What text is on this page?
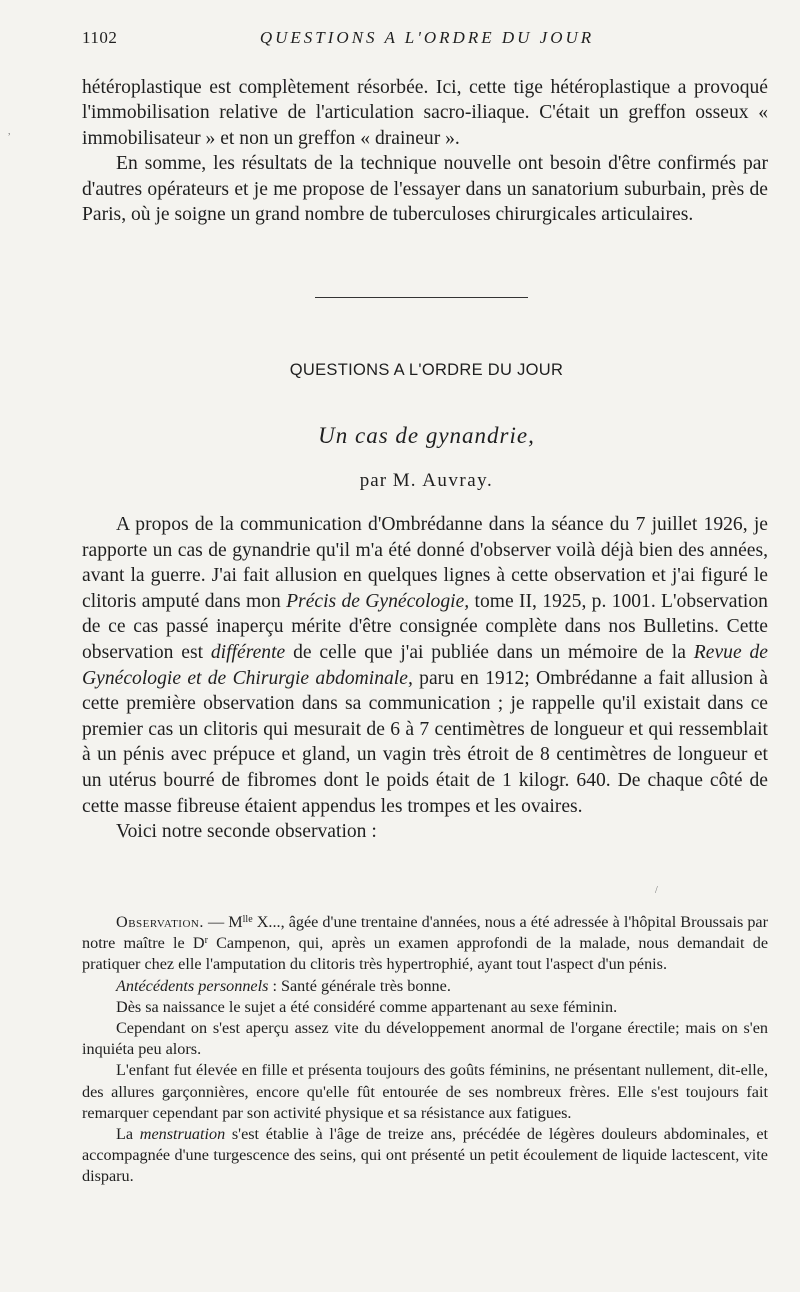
1102	QUESTIONS A L'ORDRE DU JOUR

hétéroplastique est complètement résorbée. Ici, cette tige hétéroplastique a provoqué l'immobilisation relative de l'articulation sacro-iliaque. C'était un greffon osseux « immobilisateur » et non un greffon « draineur ».

En somme, les résultats de la technique nouvelle ont besoin d'être confirmés par d'autres opérateurs et je me propose de l'essayer dans un sanatorium suburbain, près de Paris, où je soigne un grand nombre de tuberculoses chirurgicales articulaires.

QUESTIONS A L'ORDRE DU JOUR
Un cas de gynandrie,
par M. Auvray.

A propos de la communication d'Ombrédanne dans la séance du 7 juillet 1926, je rapporte un cas de gynandrie qu'il m'a été donné d'observer voilà déjà bien des années, avant la guerre. J'ai fait allusion en quelques lignes à cette observation et j'ai figuré le clitoris amputé dans mon Précis de Gynécologie, tome II, 1925, p. 1001. L'observation de ce cas passé inaperçu mérite d'être consignée complète dans nos Bulletins. Cette observation est différente de celle que j'ai publiée dans un mémoire de la Revue de Gynécologie et de Chirurgie abdominale, paru en 1912; Ombrédanne a fait allusion à cette première observation dans sa communication ; je rappelle qu'il existait dans ce premier cas un clitoris qui mesurait de 6 à 7 centimètres de longueur et qui ressemblait à un pénis avec prépuce et gland, un vagin très étroit de 8 centimètres de longueur et un utérus bourré de fibromes dont le poids était de 1 kilogr. 640. De chaque côté de cette masse fibreuse étaient appendus les trompes et les ovaires.

Voici notre seconde observation :

Observation. — $M^{lle}$ X..., âgée d'une trentaine d'années, nous a été adressée à l'hôpital Broussais par notre maître le $D^r$ Campenon, qui, après un examen approfondi de la malade, nous demandait de pratiquer chez elle l'amputation du clitoris très hypertrophié, ayant tout l'aspect d'un pénis.

Antécédents personnels : Santé générale très bonne.

Dès sa naissance le sujet a été considéré comme appartenant au sexe féminin.

Cependant on s'est aperçu assez vite du développement anormal de l'organe érectile; mais on s'en inquiéta peu alors.

L'enfant fut élevée en fille et présenta toujours des goûts féminins, ne présentant nullement, dit-elle, des allures garçonnières, encore qu'elle fût entourée de ses nombreux frères. Elle s'est toujours fait remarquer cependant par son activité physique et sa résistance aux fatigues.

La menstruation s'est établie à l'âge de treize ans, précédée de légères douleurs abdominales, et accompagnée d'une turgescence des seins, qui ont présenté un petit écoulement de liquide lactescent, vite disparu.

,
/
